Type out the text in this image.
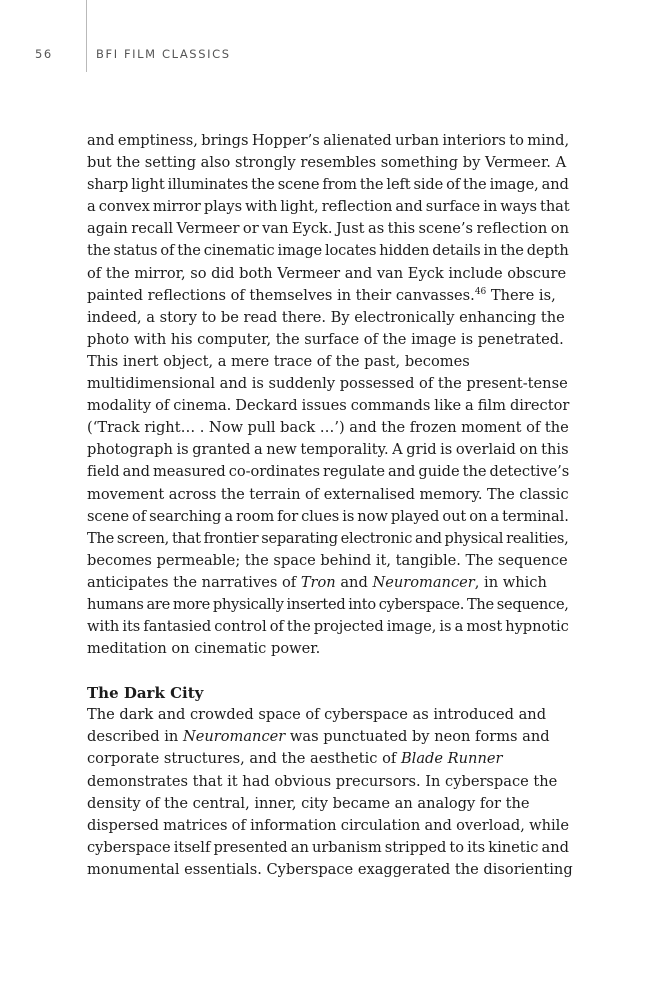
56	BFI FILM CLASSICS

and emptiness, brings Hopper’s alienated urban interiors to mind,
but the setting also strongly resembles something by Vermeer. A
sharp light illuminates the scene from the left side of the image, and
a convex mirror plays with light, reflection and surface in ways that
again recall Vermeer or van Eyck. Just as this scene’s reflection on
the status of the cinematic image locates hidden details in the depth
of the mirror, so did both Vermeer and van Eyck include obscure
painted reflections of themselves in their canvasses.$^{46}$ There is,
indeed, a story to be read there. By electronically enhancing the
photo with his computer, the surface of the image is penetrated.
This inert object, a mere trace of the past, becomes
multidimensional and is suddenly possessed of the present-tense
modality of cinema. Deckard issues commands like a film director
(‘Track right… . Now pull back …’) and the frozen moment of the
photograph is granted a new temporality. A grid is overlaid on this
field and measured co-ordinates regulate and guide the detective’s
movement across the terrain of externalised memory. The classic
scene of searching a room for clues is now played out on a terminal.
The screen, that frontier separating electronic and physical realities,
becomes permeable; the space behind it, tangible. The sequence
anticipates the narratives of Tron and Neuromancer, in which
humans are more physically inserted into cyberspace. The sequence,
with its fantasied control of the projected image, is a most hypnotic
meditation on cinematic power.

The Dark City

The dark and crowded space of cyberspace as introduced and
described in Neuromancer was punctuated by neon forms and
corporate structures, and the aesthetic of Blade Runner
demonstrates that it had obvious precursors. In cyberspace the
density of the central, inner, city became an analogy for the
dispersed matrices of information circulation and overload, while
cyberspace itself presented an urbanism stripped to its kinetic and
monumental essentials. Cyberspace exaggerated the disorienting
